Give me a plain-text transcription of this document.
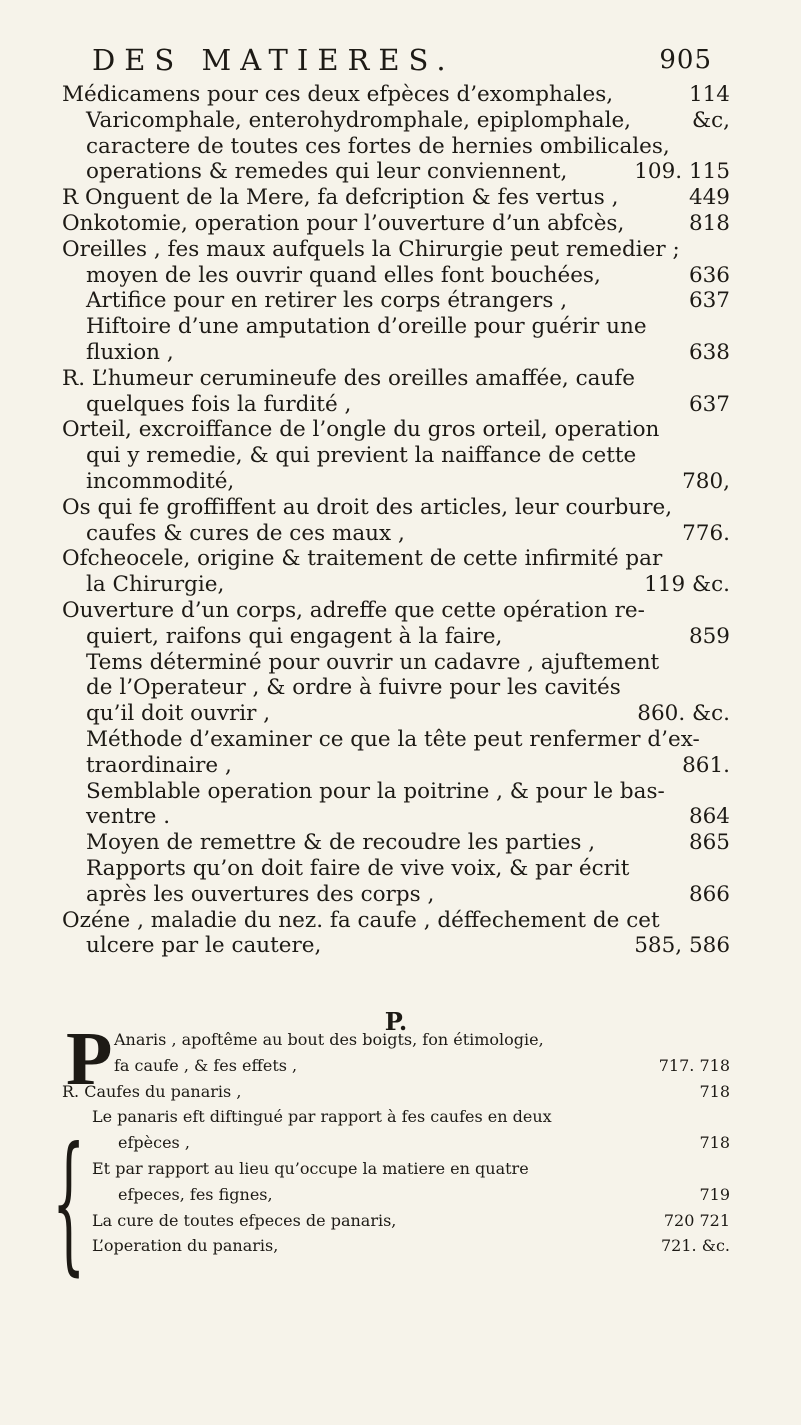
DES MATIERES.	905
Médicamens pour ces deux efpèces d’exomphales,	114
Varicomphale, enterohydromphale, epiplomphale,	&c,
caractere de toutes ces fortes de hernies ombilicales,
operations & remedes qui leur conviennent,	109. 115
R Onguent de la Mere, fa defcription & fes vertus ,	449
Onkotomie, operation pour l’ouverture d’un abfcès,	818
Oreilles , fes maux aufquels la Chirurgie peut remedier ;
moyen de les ouvrir quand elles font bouchées,	636
Artifice pour en retirer les corps étrangers ,	637
Hiftoire d’une amputation d’oreille pour guérir une
fluxion ,	638
R. L’humeur cerumineufe des oreilles amaffée, caufe
quelques fois la furdité ,	637
Orteil, excroiffance de l’ongle du gros orteil, operation
qui y remedie, & qui previent la naiffance de cette
incommodité,	780,
Os qui fe groffiffent au droit des articles, leur courbure,
caufes & cures de ces maux ,	776.
Ofcheocele, origine & traitement de cette infirmité par
la Chirurgie,	119 &c.
Ouverture d’un corps, adreffe que cette opération re-
quiert, raifons qui engagent à la faire,	859
Tems déterminé pour ouvrir un cadavre , ajuftement
de l’Operateur , & ordre à fuivre pour les cavités
qu’il doit ouvrir ,	860. &c.
Méthode d’examiner ce que la tête peut renfermer d’ex-
traordinaire ,	861.
Semblable operation pour la poitrine , & pour le bas-
ventre .	864
Moyen de remettre & de recoudre les parties ,	865
Rapports qu’on doit faire de vive voix, & par écrit
après les ouvertures des corps ,	866
Ozéne , maladie du nez. fa caufe , déffechement de cet
ulcere par le cautere,	585, 586
P.
P
{
Anaris , apoftême au bout des boigts, fon étimologie,
fa caufe , & fes effets ,	717. 718
R. Caufes du panaris ,	718
Le panaris eft diftingué par rapport à fes caufes en deux
efpèces ,	718
Et par rapport au lieu qu’occupe la matiere en quatre
efpeces, fes fignes,	719
La cure de toutes efpeces de panaris,	720 721
L’operation du panaris,	721. &c.
